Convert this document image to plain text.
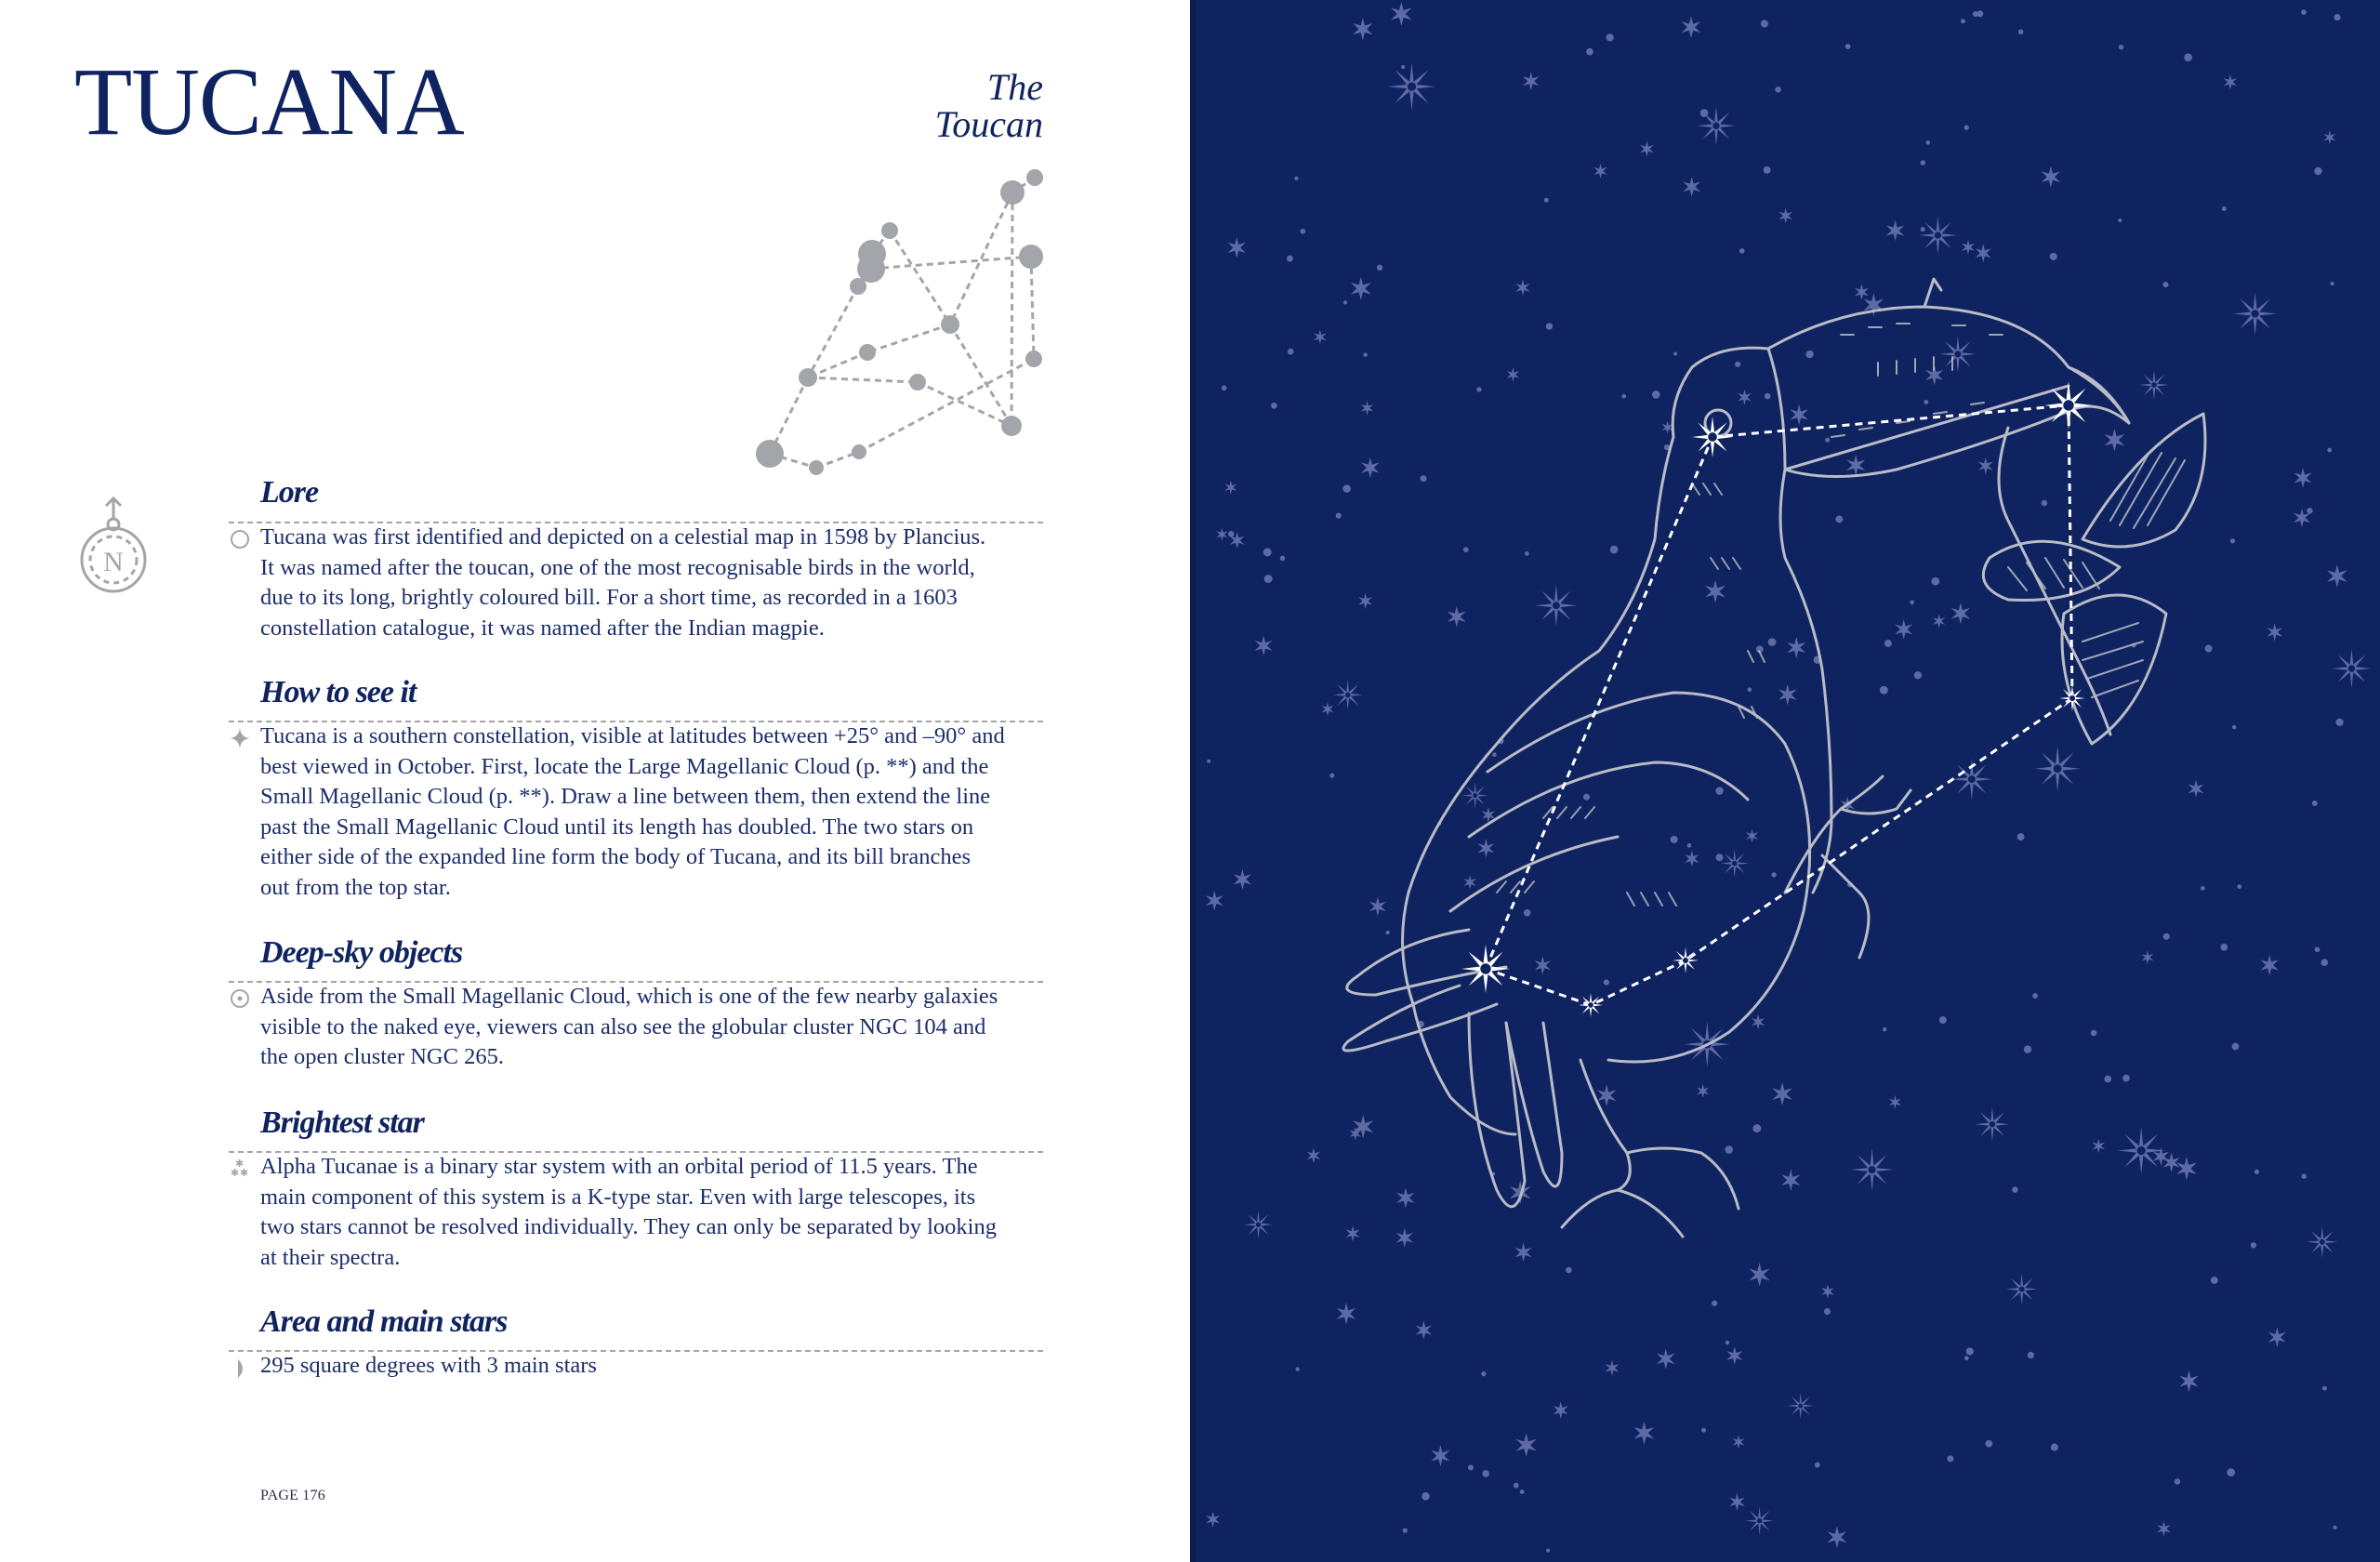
TUCANA	The
Toucan
N
Lore
Tucana was first identified and depicted on a celestial map in 1598 by Plancius.
It was named after the toucan, one of the most recognisable birds in the world,
due to its long, brightly coloured bill. For a short time, as recorded in a 1603
constellation catalogue, it was named after the Indian magpie.
How to see it
Tucana is a southern constellation, visible at latitudes between +25° and –90° and
best viewed in October. First, locate the Large Magellanic Cloud (p. **) and the
Small Magellanic Cloud (p. **). Draw a line between them, then extend the line
past the Small Magellanic Cloud until its length has doubled. The two stars on
either side of the expanded line form the body of Tucana, and its bill branches
out from the top star.
Deep-sky objects
Aside from the Small Magellanic Cloud, which is one of the few nearby galaxies
visible to the naked eye, viewers can also see the globular cluster NGC 104 and
the open cluster NGC 265.
Brightest star
✱
✱ ✱ Alpha Tucanae is a binary star system with an orbital period of 11.5 years. The
main component of this system is a K-type star. Even with large telescopes, its
two stars cannot be resolved individually. They can only be separated by looking
at their spectra.
Area and main stars
295 square degrees with 3 main stars
PAGE 176
